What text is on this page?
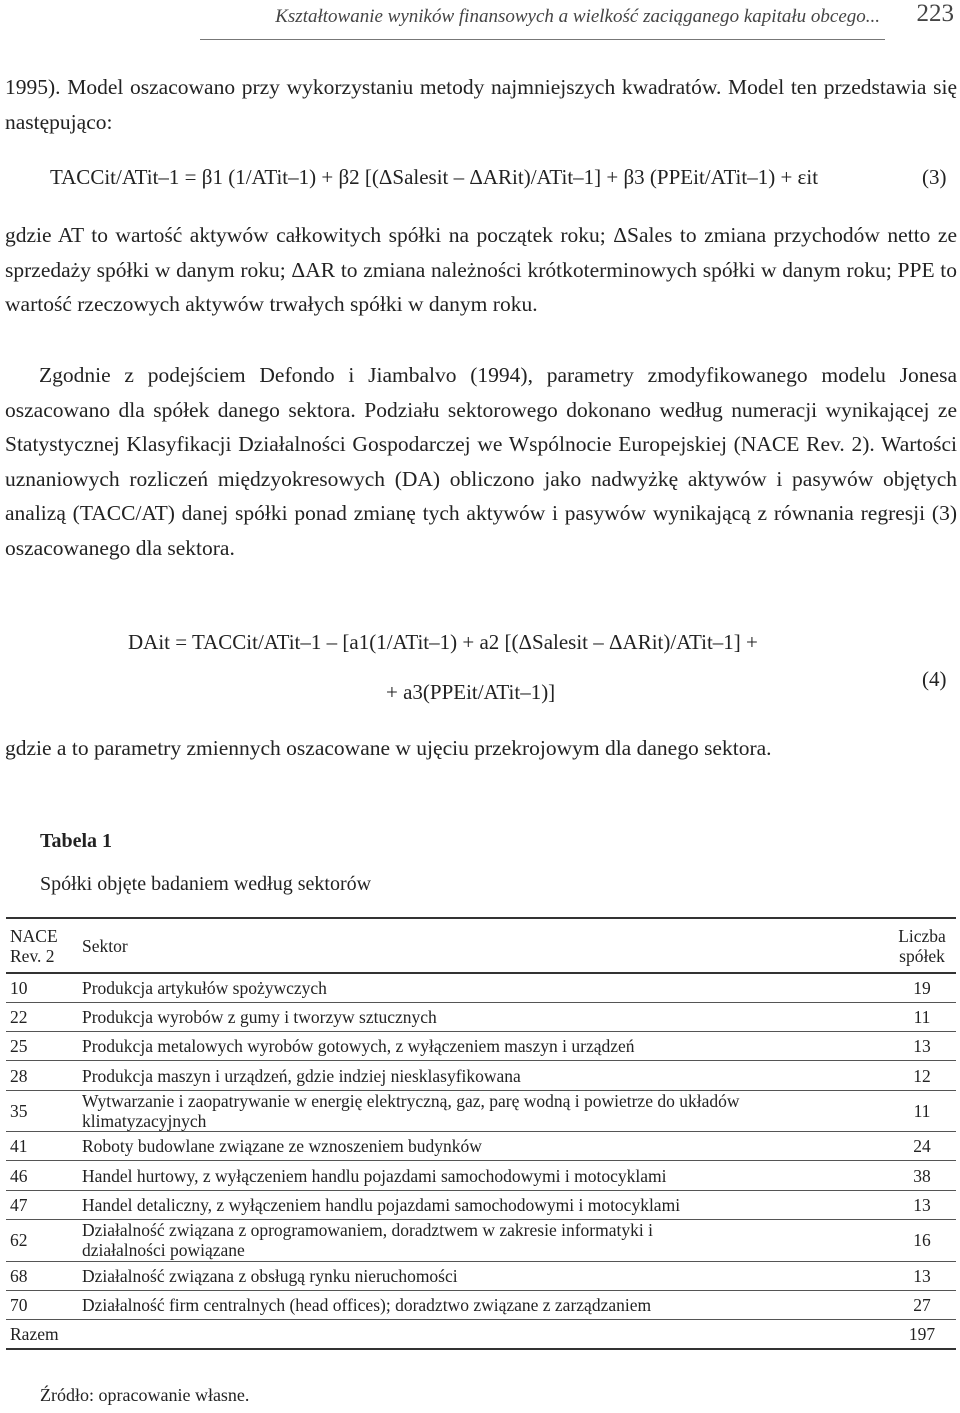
Kształtowanie wyników finansowych a wielkość zaciąganego kapitału obcego... 223

1995). Model oszacowano przy wykorzystaniu metody najmniejszych kwadratów. Model ten przedstawia się następująco:

TACCit/ATit–1 = β1 (1/ATit–1) + β2 [(ΔSalesit – ΔARit)/ATit–1] + β3 (PPEit/ATit–1) + εit	(3)

gdzie AT to wartość aktywów całkowitych spółki na początek roku; ΔSales to zmiana przychodów netto ze sprzedaży spółki w danym roku; ΔAR to zmiana należności krótkoterminowych spółki w danym roku; PPE to wartość rzeczowych aktywów trwałych spółki w danym roku.

Zgodnie z podejściem Defondo i Jiambalvo (1994), parametry zmodyfikowanego modelu Jonesa oszacowano dla spółek danego sektora. Podziału sektorowego dokonano według numeracji wynikającej ze Statystycznej Klasyfikacji Działalności Gospodarczej we Wspólnocie Europejskiej (NACE Rev. 2). Wartości uznaniowych rozliczeń międzyokresowych (DA) obliczono jako nadwyżkę aktywów i pasywów objętych analizą (TACC/AT) danej spółki ponad zmianę tych aktywów i pasywów wynikającą z równania regresji (3) oszacowanego dla sektora.

DAit = TACCit/ATit–1 – [a1(1/ATit–1) + a2 [(ΔSalesit – ΔARit)/ATit–1] +
+ a3(PPEit/ATit–1)]
(4)

gdzie a to parametry zmiennych oszacowane w ujęciu przekrojowym dla danego sektora.

Tabela 1
Spółki objęte badaniem według sektorów
NACE Rev. 2	Sektor	Liczba spółek
10	Produkcja artykułów spożywczych	19
22	Produkcja wyrobów z gumy i tworzyw sztucznych	11
25	Produkcja metalowych wyrobów gotowych, z wyłączeniem maszyn i urządzeń	13
28	Produkcja maszyn i urządzeń, gdzie indziej niesklasyfikowana	12
35	Wytwarzanie i zaopatrywanie w energię elektryczną, gaz, parę wodną i powietrze do układów klimatyzacyjnych	11
41	Roboty budowlane związane ze wznoszeniem budynków	24
46	Handel hurtowy, z wyłączeniem handlu pojazdami samochodowymi i motocyklami	38
47	Handel detaliczny, z wyłączeniem handlu pojazdami samochodowymi i motocyklami	13
62	Działalność związana z oprogramowaniem, doradztwem w zakresie informatyki i działalności powiązane	16
68	Działalność związana z obsługą rynku nieruchomości	13
70	Działalność firm centralnych (head offices); doradztwo związane z zarządzaniem	27
Razem		197
Źródło: opracowanie własne.
